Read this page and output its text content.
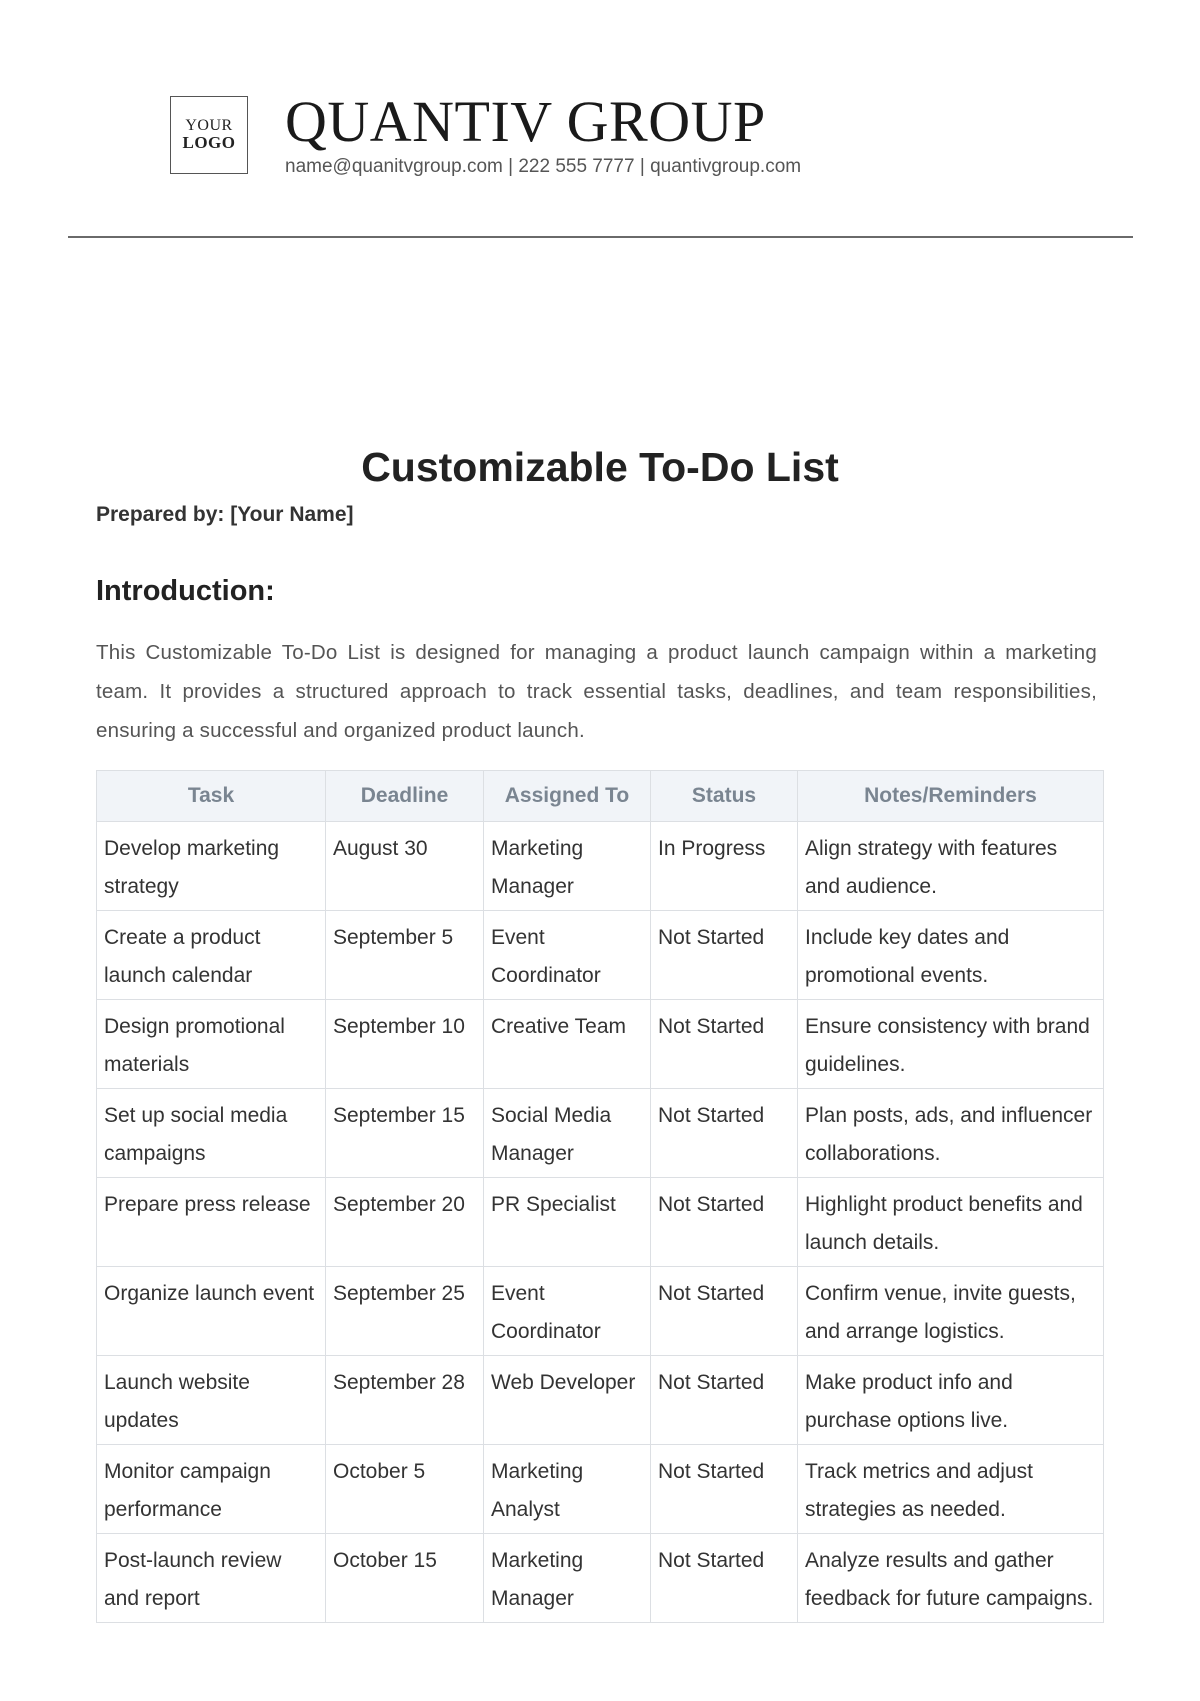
YOUR
LOGO QUANTIV GROUP
name@quanitvgroup.com | 222 555 7777 | quantivgroup.com
Customizable To-Do List
Prepared by: [Your Name]
Introduction:
This Customizable To-Do List is designed for managing a product launch campaign within a marketing team. It provides a structured approach to track essential tasks, deadlines, and team responsibilities, ensuring a successful and organized product launch.
Task	Deadline	Assigned To	Status	Notes/Reminders
Develop marketing strategy	August 30	Marketing Manager	In Progress	Align strategy with features and audience.
Create a product launch calendar	September 5	Event Coordinator	Not Started	Include key dates and promotional events.
Design promotional materials	September 10	Creative Team	Not Started	Ensure consistency with brand guidelines.
Set up social media campaigns	September 15	Social Media Manager	Not Started	Plan posts, ads, and influencer collaborations.
Prepare press release	September 20	PR Specialist	Not Started	Highlight product benefits and launch details.
Organize launch event	September 25	Event Coordinator	Not Started	Confirm venue, invite guests, and arrange logistics.
Launch website updates	September 28	Web Developer	Not Started	Make product info and purchase options live.
Monitor campaign performance	October 5	Marketing Analyst	Not Started	Track metrics and adjust strategies as needed.
Post-launch review and report	October 15	Marketing Manager	Not Started	Analyze results and gather feedback for future campaigns.
